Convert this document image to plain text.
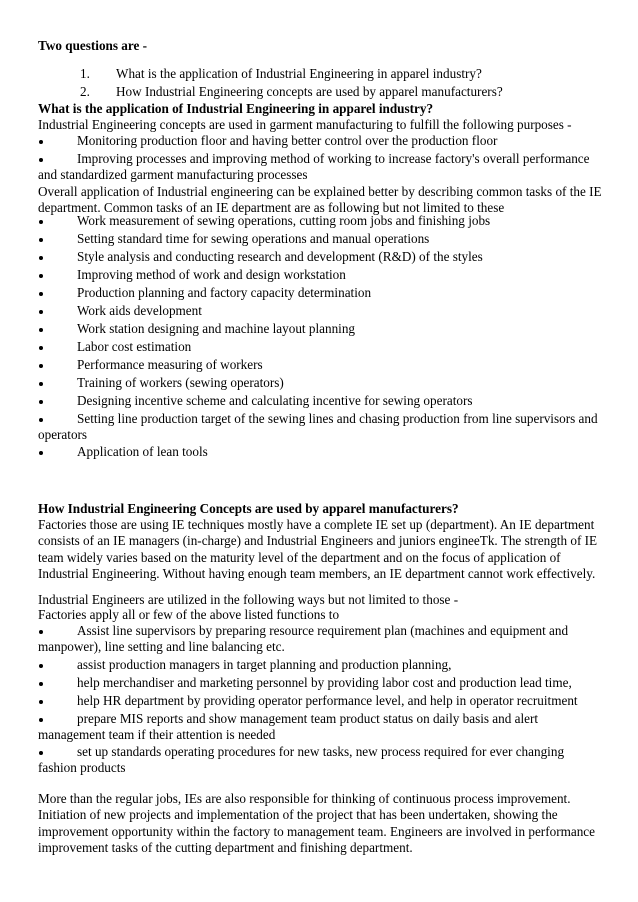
Two questions are -

1. What is the application of Industrial Engineering in apparel industry?
2. How Industrial Engineering concepts are used by apparel manufacturers?

What is the application of Industrial Engineering in apparel industry?

Industrial Engineering concepts are used in garment manufacturing to fulfill the following purposes -

Monitoring production floor and having better control over the production floor
Improving processes and improving method of working to increase factory's overall performance and standardized garment manufacturing processes

Overall application of Industrial engineering can be explained better by describing common tasks of the IE department. Common tasks of an IE department are as following but not limited to these

Work measurement of sewing operations, cutting room jobs and finishing jobs
Setting standard time for sewing operations and manual operations
Style analysis and conducting research and development (R&D) of the styles
Improving method of work and design workstation
Production planning and factory capacity determination
Work aids development
Work station designing and machine layout planning
Labor cost estimation
Performance measuring of workers
Training of workers (sewing operators)
Designing incentive scheme and calculating incentive for sewing operators
Setting line production target of the sewing lines and chasing production from line supervisors and operators
Application of lean tools

How Industrial Engineering Concepts are used by apparel manufacturers?

Factories those are using IE techniques mostly have a complete IE set up (department). An IE department consists of an IE managers (in-charge) and Industrial Engineers and juniors engineeTk. The strength of IE team widely varies based on the maturity level of the department and on the focus of application of Industrial Engineering. Without having enough team members, an IE department cannot work effectively.

Industrial Engineers are utilized in the following ways but not limited to those -

Factories apply all or few of the above listed functions to

Assist line supervisors by preparing resource requirement plan (machines and equipment and manpower), line setting and line balancing etc.
assist production managers in target planning and production planning,
help merchandiser and marketing personnel by providing labor cost and production lead time,
help HR department by providing operator performance level, and help in operator recruitment
prepare MIS reports and show management team product status on daily basis and alert management team if their attention is needed
set up standards operating procedures for new tasks, new process required for ever changing fashion products

More than the regular jobs, IEs are also responsible for thinking of continuous process improvement. Initiation of new projects and implementation of the project that has been undertaken, showing the improvement opportunity within the factory to management team. Engineers are involved in performance improvement tasks of the cutting department and finishing department.
